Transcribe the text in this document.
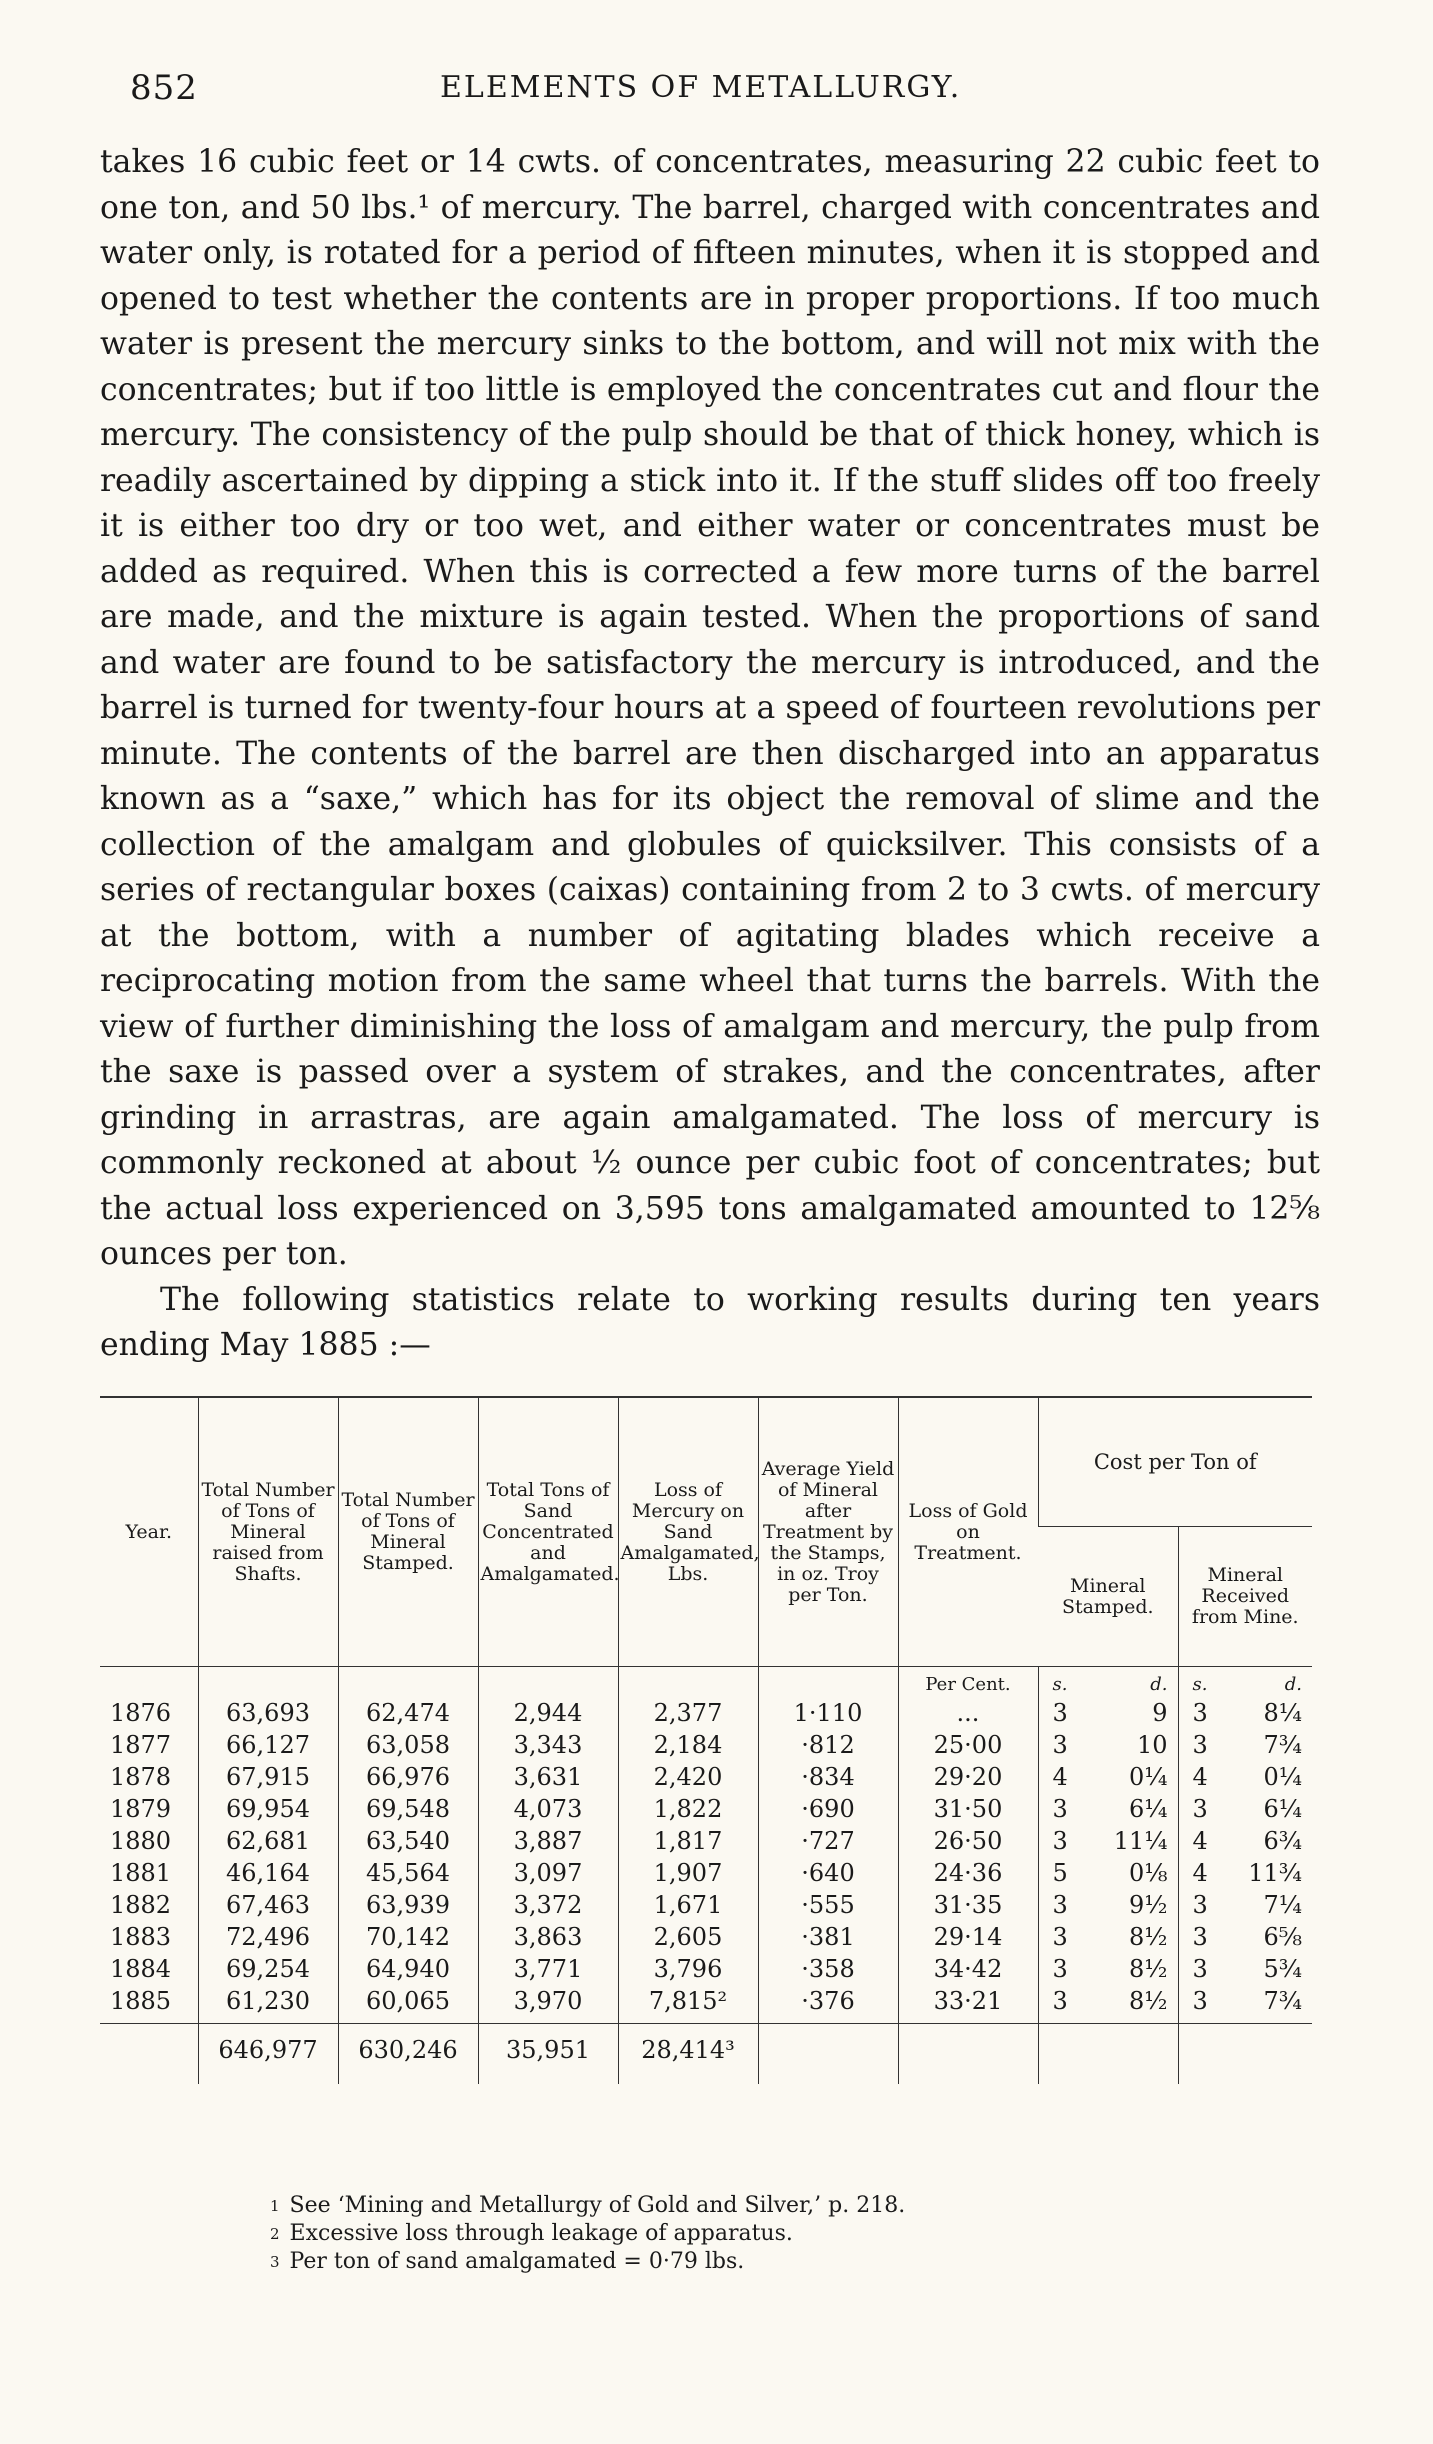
852	ELEMENTS OF METALLURGY.

takes 16 cubic feet or 14 cwts. of concentrates, measuring 22 cubic feet to one ton, and 50 lbs.¹ of mercury. The barrel, charged with concentrates and water only, is rotated for a period of fifteen minutes, when it is stopped and opened to test whether the contents are in proper proportions. If too much water is present the mercury sinks to the bottom, and will not mix with the concentrates; but if too little is employed the concentrates cut and flour the mercury. The consistency of the pulp should be that of thick honey, which is readily ascertained by dipping a stick into it. If the stuff slides off too freely it is either too dry or too wet, and either water or concentrates must be added as required. When this is corrected a few more turns of the barrel are made, and the mixture is again tested. When the proportions of sand and water are found to be satisfactory the mercury is introduced, and the barrel is turned for twenty-four hours at a speed of fourteen revolutions per minute. The contents of the barrel are then discharged into an apparatus known as a “saxe,” which has for its object the removal of slime and the collection of the amalgam and globules of quicksilver. This consists of a series of rectangular boxes (caixas) containing from 2 to 3 cwts. of mercury at the bottom, with a number of agitating blades which receive a reciprocating motion from the same wheel that turns the barrels. With the view of further diminishing the loss of amalgam and mercury, the pulp from the saxe is passed over a system of strakes, and the concentrates, after grinding in arrastras, are again amalgamated. The loss of mercury is commonly reckoned at about ½ ounce per cubic foot of concentrates; but the actual loss experienced on 3,595 tons amalgamated amounted to 12⅝ ounces per ton.

The following statistics relate to working results during ten years ending May 1885 :—

Year.	Total Number of Tons of Mineral raised from Shafts.	Total Number of Tons of Mineral Stamped.	Total Tons of Sand Concentrated and Amalgamated.	Loss of Mercury on Sand Amalgamated, Lbs.	Average Yield of Mineral after Treatment by the Stamps, in oz. Troy per Ton.	Loss of Gold on Treatment.	Cost per Ton of	
							Mineral Stamped.	Mineral Received from Mine.
						Per Cent.	s. d.	s. d.

1876	63,693	62,474	2,944	2,377	1·110	...	3 9	3 8¼

1877	66,127	63,058	3,343	2,184	·812	25·00	3 10	3 7¾

1878	67,915	66,976	3,631	2,420	·834	29·20	4 0¼	4 0¼

1879	69,954	69,548	4,073	1,822	·690	31·50	3 6¼	3 6¼

1880	62,681	63,540	3,887	1,817	·727	26·50	3 11¼	4 6¾

1881	46,164	45,564	3,097	1,907	·640	24·36	5 0⅛	4 11¾

1882	67,463	63,939	3,372	1,671	·555	31·35	3 9½	3 7¼

1883	72,496	70,142	3,863	2,605	·381	29·14	3 8½	3 6⅝

1884	69,254	64,940	3,771	3,796	·358	34·42	3 8½	3 5¾

1885	61,230	60,065	3,970	7,815²	·376	33·21	3 8½	3 7¾

	646,977	630,246	35,951	28,414³				
1 See ‘Mining and Metallurgy of Gold and Silver,’ p. 218.
2 Excessive loss through leakage of apparatus.
3 Per ton of sand amalgamated = 0·79 lbs.
